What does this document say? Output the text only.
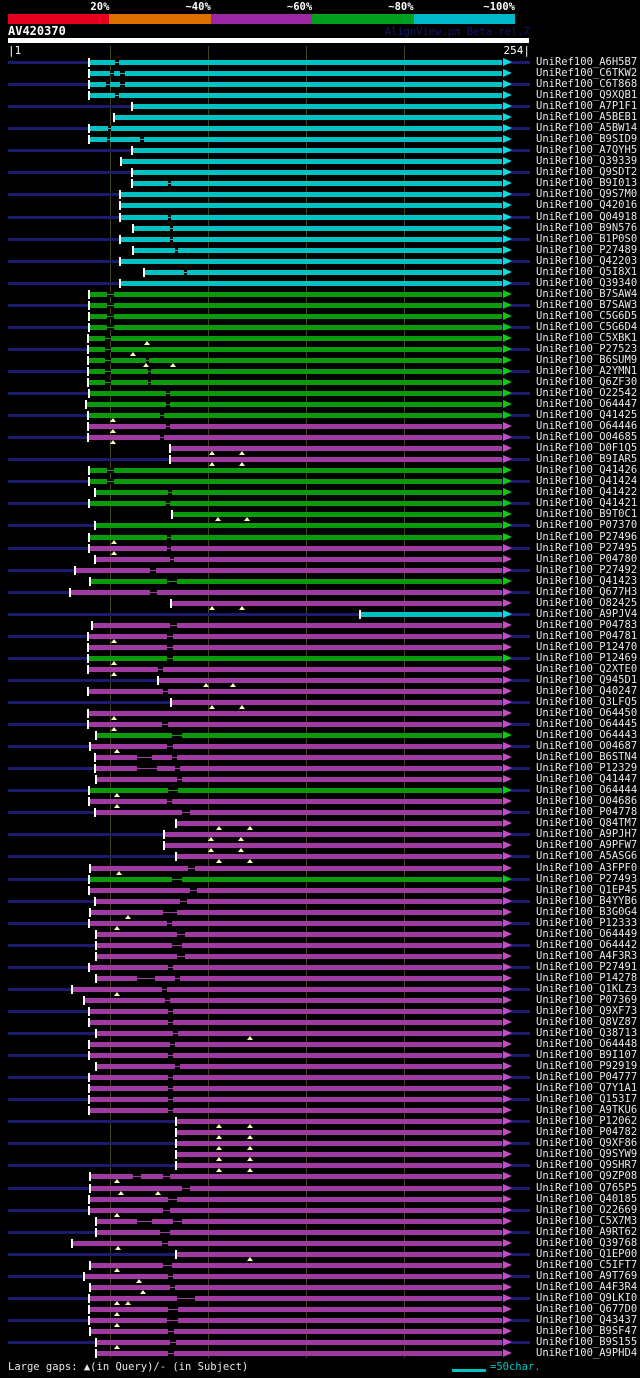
20%	~40%	~60%	~80%	~100%
AV420370	AlignView.pm Beta rel.7
|1	254|
UniRef100_A6H5B7
UniRef100_C6TKW2
UniRef100_C6T868
UniRef100_Q9XQB1
UniRef100_A7P1F1
UniRef100_A5BEB1
UniRef100_A5BW14
UniRef100_B9SID9
UniRef100_A7QYH5
UniRef100_Q39339
UniRef100_Q9SDT2
UniRef100_B9I013
UniRef100_Q9S7M0
UniRef100_Q42016
UniRef100_Q04918
UniRef100_B9N576
UniRef100_B1P0S0
UniRef100_P27489
UniRef100_Q42203
UniRef100_Q5I8X1
UniRef100_Q39340
UniRef100_B7SAW4
UniRef100_B7SAW3
UniRef100_C5G6D5
UniRef100_C5G6D4
UniRef100_C5XBK1
UniRef100_P27523
UniRef100_B6SUM9
UniRef100_A2YMN1
UniRef100_Q6ZF30
UniRef100_O22542
UniRef100_O64447
UniRef100_Q41425
UniRef100_O64446
UniRef100_O04685
UniRef100_D0F1Q5
UniRef100_B9IAR5
UniRef100_Q41426
UniRef100_Q41424
UniRef100_Q41422
UniRef100_Q41421
UniRef100_B9T0C1
UniRef100_P07370
UniRef100_P27496
UniRef100_P27495
UniRef100_P04780
UniRef100_P27492
UniRef100_Q41423
UniRef100_Q677H3
UniRef100_O82425
UniRef100_A9PJV4
UniRef100_P04783
UniRef100_P04781
UniRef100_P12470
UniRef100_P12469
UniRef100_Q2XTE0
UniRef100_Q945D1
UniRef100_Q40247
UniRef100_Q3LFQ5
UniRef100_O64450
UniRef100_O64445
UniRef100_O64443
UniRef100_O04687
UniRef100_B6STN4
UniRef100_P12329
UniRef100_Q41447
UniRef100_O64444
UniRef100_O04686
UniRef100_P04778
UniRef100_Q84TM7
UniRef100_A9PJH7
UniRef100_A9PFW7
UniRef100_A5ASG6
UniRef100_A3FPF0
UniRef100_P27493
UniRef100_Q1EP45
UniRef100_B4YYB6
UniRef100_B3G0G4
UniRef100_P12333
UniRef100_O64449
UniRef100_O64442
UniRef100_A4F3R3
UniRef100_P27491
UniRef100_P14278
UniRef100_Q1KLZ3
UniRef100_P07369
UniRef100_Q9XF73
UniRef100_Q8VZ87
UniRef100_Q38713
UniRef100_O64448
UniRef100_B9I107
UniRef100_P92919
UniRef100_P04777
UniRef100_Q7Y1A1
UniRef100_Q153I7
UniRef100_A9TKU6
UniRef100_P12062
UniRef100_P04782
UniRef100_Q9XF86
UniRef100_Q9SYW9
UniRef100_Q9SHR7
UniRef100_Q9ZP08
UniRef100_Q765P5
UniRef100_Q40185
UniRef100_O22669
UniRef100_C5X7M3
UniRef100_A9RT62
UniRef100_Q39768
UniRef100_Q1EP00
UniRef100_C5IFT7
UniRef100_A9T769
UniRef100_A4F3R4
UniRef100_Q9LKI0
UniRef100_Q677D0
UniRef100_Q43437
UniRef100_B9SF47
UniRef100_B9S155
UniRef100_A9PHD4
Large gaps: ▲(in Query)/- (in Subject)	=50char.
